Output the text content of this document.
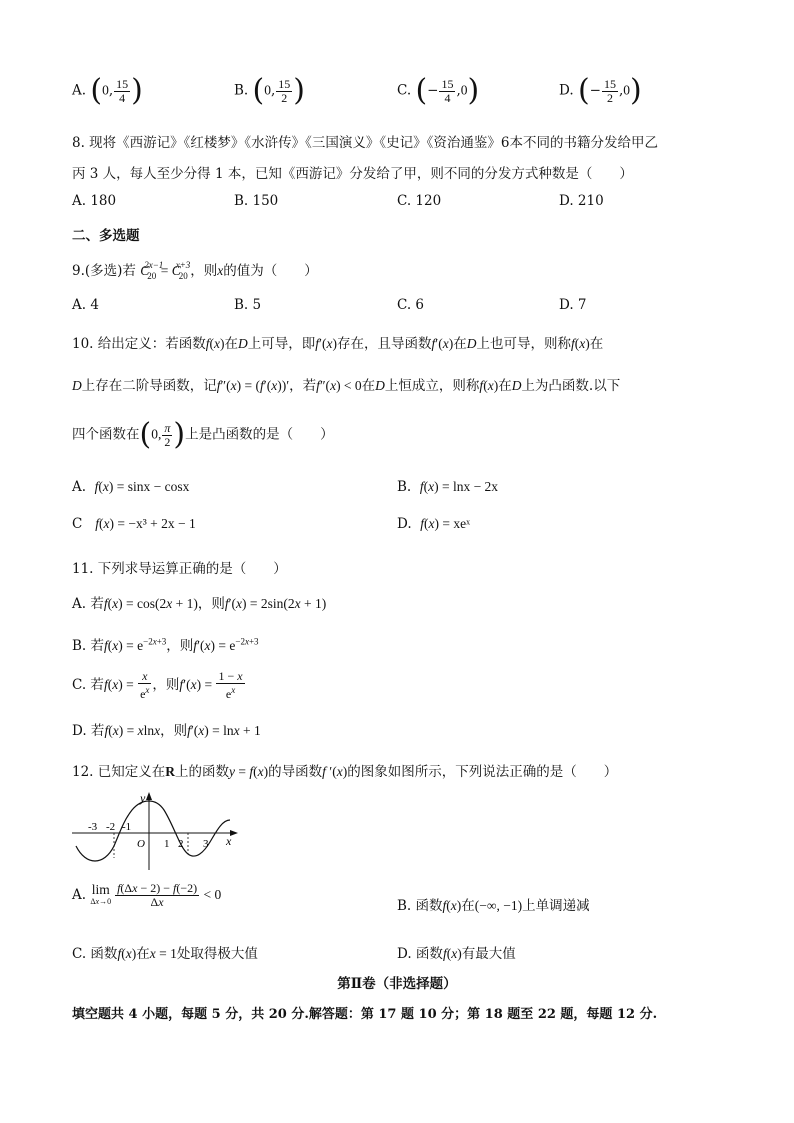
A. (0, $\frac{15}{4}$ )	B. (0, $\frac{15}{2}$ )	C. (− $\frac{15}{4} ,0$)	D. (− $\frac{15}{2} ,0$)
8. 现将《西游记》《红楼梦》《水浒传》《三国演义》《史记》《资治通鉴》6本不同的书籍分发给甲乙
丙 3 人，每人至少分得 1 本，已知《西游记》分发给了甲，则不同的分发方式种数是（　　）
A. 180	B. 150	C. 120	D. 210
二、多选题
9.(多选)若 $C_{20}^{2x-1} = C_{20}^{x+3}$，则x的值为（　　）
A. 4	B. 5	C. 6	D. 7
10. 给出定义：若函数f(x)在D上可导，即f′(x)存在，且导函数f′(x)在D上也可导，则称f(x)在
D上存在二阶导函数，记f″(x) = (f′(x))′，若f″(x) < 0在D上恒成立，则称f(x)在D上为凸函数.以下
四个函数在(0, $\frac{\pi}{2}$ )上是凸函数的是（　　）
A. f(x) = sinx − cosx	B. f(x) = lnx − 2x
C f(x) = −x³ + 2x − 1	D. f(x) = xeˣ
11. 下列求导运算正确的是（　　）
A. 若f(x) = cos(2x + 1)，则f′(x) = 2sin(2x + 1)
B. 若$f(x) = e^{-2x+3}$，则$f'(x) = e^{-2x+3}$
C. 若$f(x) = \frac{x}{e^x}$ ，则$f'(x) = \frac{1 - x}{e^x}$
D. 若f(x) = xlnx，则f′(x) = lnx + 1
12. 已知定义在R上的函数y = f(x)的导函数f ′(x)的图象如图所示，下列说法正确的是（　　）
-3 -2 -1
O 1 2 3
y
x
A. lim
$\Delta x\to 0 \frac{f(\Delta x - 2) - f(-2)}{\Delta x} < 0$
B. 函数f(x)在(−∞, −1)上单调递减
C. 函数f(x)在x = 1处取得极大值	D. 函数f(x)有最大值
第Ⅱ卷（非选择题）
填空题共 4 小题，每题 5 分，共 20 分.解答题：第 17 题 10 分；第 18 题至 22 题，每题 12 分.
